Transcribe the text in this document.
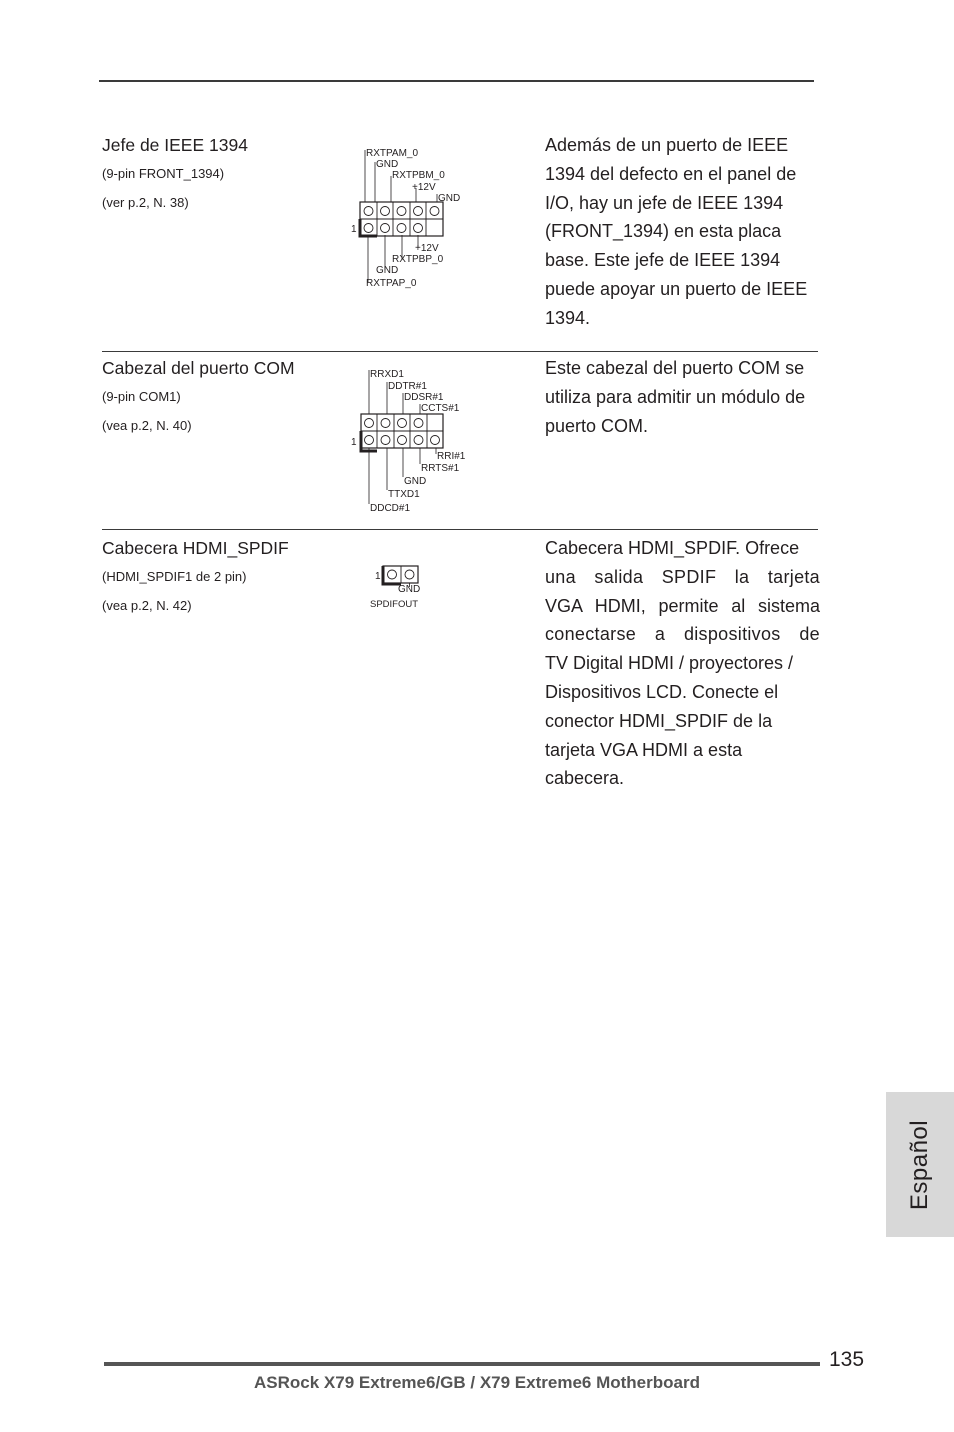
Jefe de IEEE 1394
(9-pin FRONT_1394)
(ver p.2, N. 38)
RXTPAM_0
GND
RXTPBM_0
+12V
GND
1
+12V
RXTPBP_0
GND
RXTPAP_0
Además de un puerto de IEEE 1394 del defecto en el panel de I/O, hay un jefe de IEEE 1394 (FRONT_1394) en esta placa base. Este jefe de IEEE 1394 puede apoyar un puerto de IEEE 1394.
Cabezal del puerto COM
(9-pin COM1)
(vea p.2, N. 40)
RRXD1
DDTR#1
DDSR#1
CCTS#1
1
RRI#1
RRTS#1
GND
TTXD1
DDCD#1
Este cabezal del puerto COM se utiliza para admitir un módulo de puerto COM.
Cabecera HDMI_SPDIF
(HDMI_SPDIF1 de 2 pin)
(vea p.2, N. 42)
1
GND
SPDIFOUT

Cabecera HDMI_SPDIF. Ofrece

una salida SPDIF la tarjeta

VGA HDMI, permite al sistema

conectarse a dispositivos de

TV Digital HDMI / proyectores /

Dispositivos LCD. Conecte el

conector HDMI_SPDIF de la

tarjeta VGA HDMI a esta

cabecera.

Español
135
ASRock X79 Extreme6/GB / X79 Extreme6 Motherboard
